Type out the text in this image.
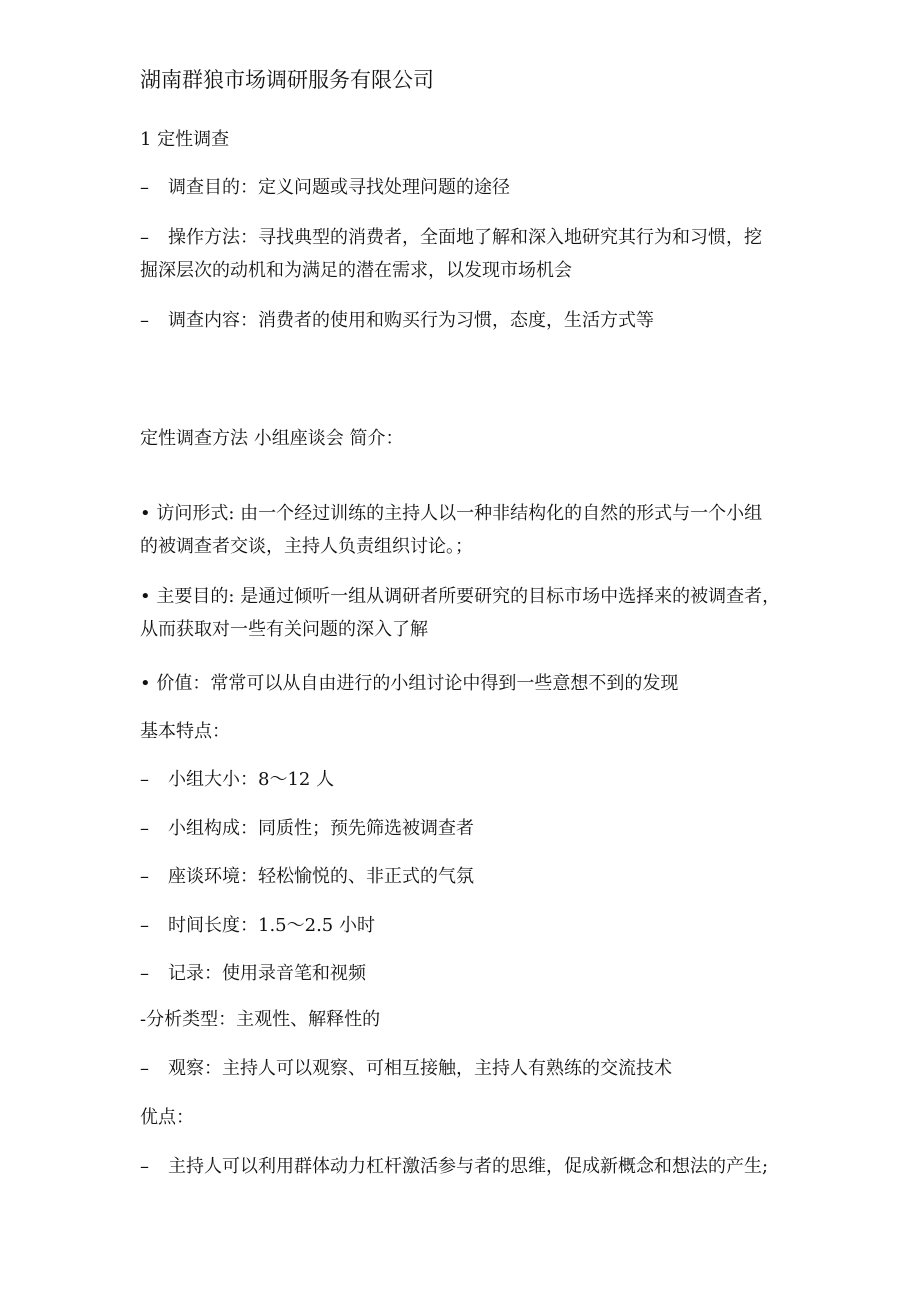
湖南群狼市场调研服务有限公司
1 定性调查
– 调查目的：定义问题或寻找处理问题的途径
– 操作方法：寻找典型的消费者，全面地了解和深入地研究其行为和习惯，挖
掘深层次的动机和为满足的潜在需求，以发现市场机会
– 调查内容：消费者的使用和购买行为习惯，态度，生活方式等
定性调查方法 小组座谈会 简介：
• 访问形式: 由一个经过训练的主持人以一种非结构化的自然的形式与一个小组
的被调查者交谈，主持人负责组织讨论。；
• 主要目的: 是通过倾听一组从调研者所要研究的目标市场中选择来的被调查者，
从而获取对一些有关问题的深入了解
• 价值：常常可以从自由进行的小组讨论中得到一些意想不到的发现
基本特点：
– 小组大小：8～12 人
– 小组构成：同质性；预先筛选被调查者
– 座谈环境：轻松愉悦的、非正式的气氛
– 时间长度：1.5～2.5 小时
– 记录：使用录音笔和视频
-分析类型：主观性、解释性的
– 观察：主持人可以观察、可相互接触，主持人有熟练的交流技术
优点：
– 主持人可以利用群体动力杠杆激活参与者的思维，促成新概念和想法的产生;
